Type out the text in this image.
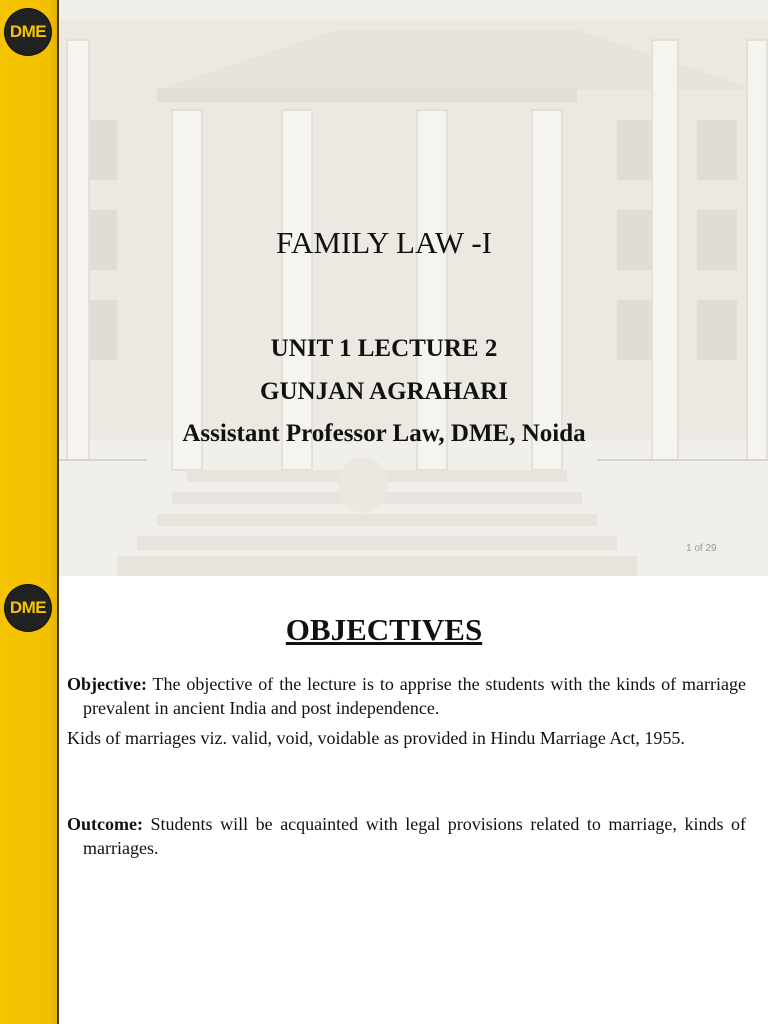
DME
FAMILY LAW -I
UNIT 1 LECTURE 2
GUNJAN AGRAHARI
Assistant Professor Law, DME, Noida
1 of 29
DME
OBJECTIVES
Objective: The objective of the lecture is to apprise the students with the kinds of marriage prevalent in ancient India and post independence.
Kids of marriages viz. valid, void, voidable as provided in Hindu Marriage Act, 1955.
Outcome: Students will be acquainted with legal provisions related to marriage, kinds of marriages.
